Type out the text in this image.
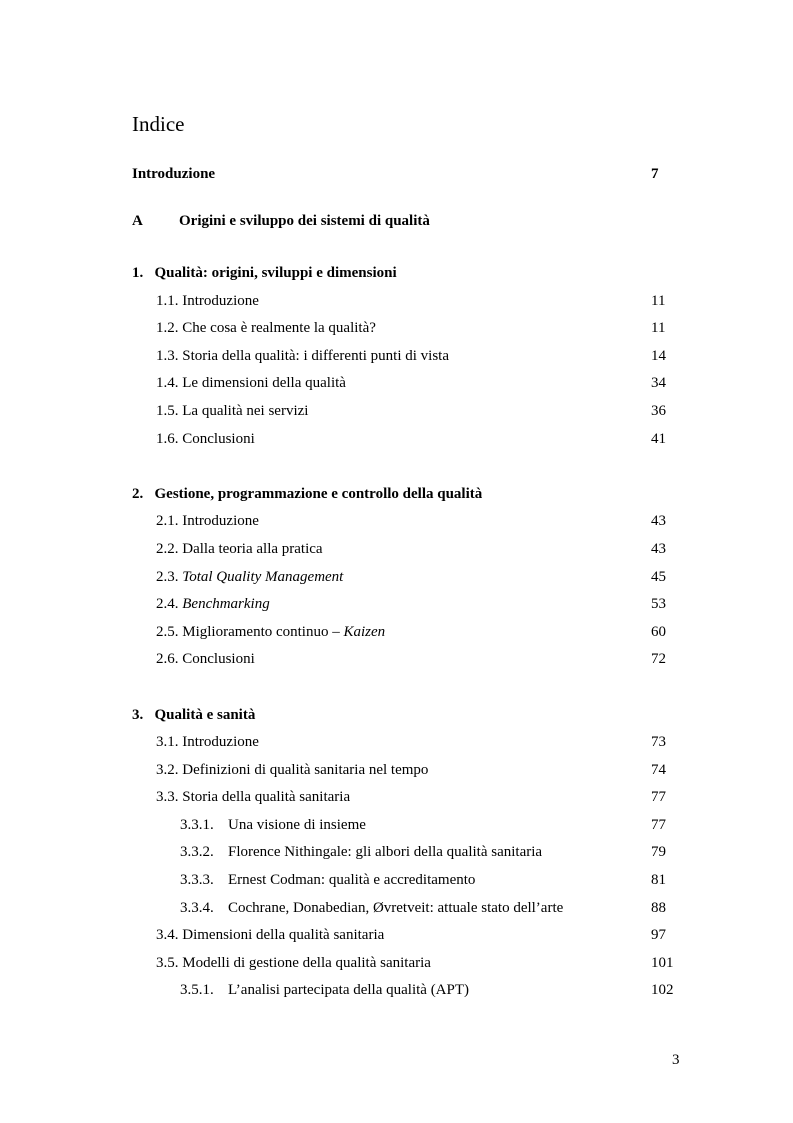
Indice
Introduzione	7
A Origini e sviluppo dei sistemi di qualità
1. Qualità: origini, sviluppi e dimensioni
1.1. Introduzione	11
1.2. Che cosa è realmente la qualità?	11
1.3. Storia della qualità: i differenti punti di vista	14
1.4. Le dimensioni della qualità	34
1.5. La qualità nei servizi	36
1.6. Conclusioni	41
2. Gestione, programmazione e controllo della qualità
2.1. Introduzione	43
2.2. Dalla teoria alla pratica	43
2.3. Total Quality Management	45
2.4. Benchmarking	53
2.5. Miglioramento continuo – Kaizen	60
2.6. Conclusioni	72
3. Qualità e sanità
3.1. Introduzione	73
3.2. Definizioni di qualità sanitaria nel tempo	74
3.3. Storia della qualità sanitaria	77
3.3.1. Una visione di insieme	77
3.3.2. Florence Nithingale: gli albori della qualità sanitaria	79
3.3.3. Ernest Codman: qualità e accreditamento	81
3.3.4. Cochrane, Donabedian, Øvretveit: attuale stato dell’arte	88
3.4. Dimensioni della qualità sanitaria	97
3.5. Modelli di gestione della qualità sanitaria	101
3.5.1. L’analisi partecipata della qualità (APT)	102
3
